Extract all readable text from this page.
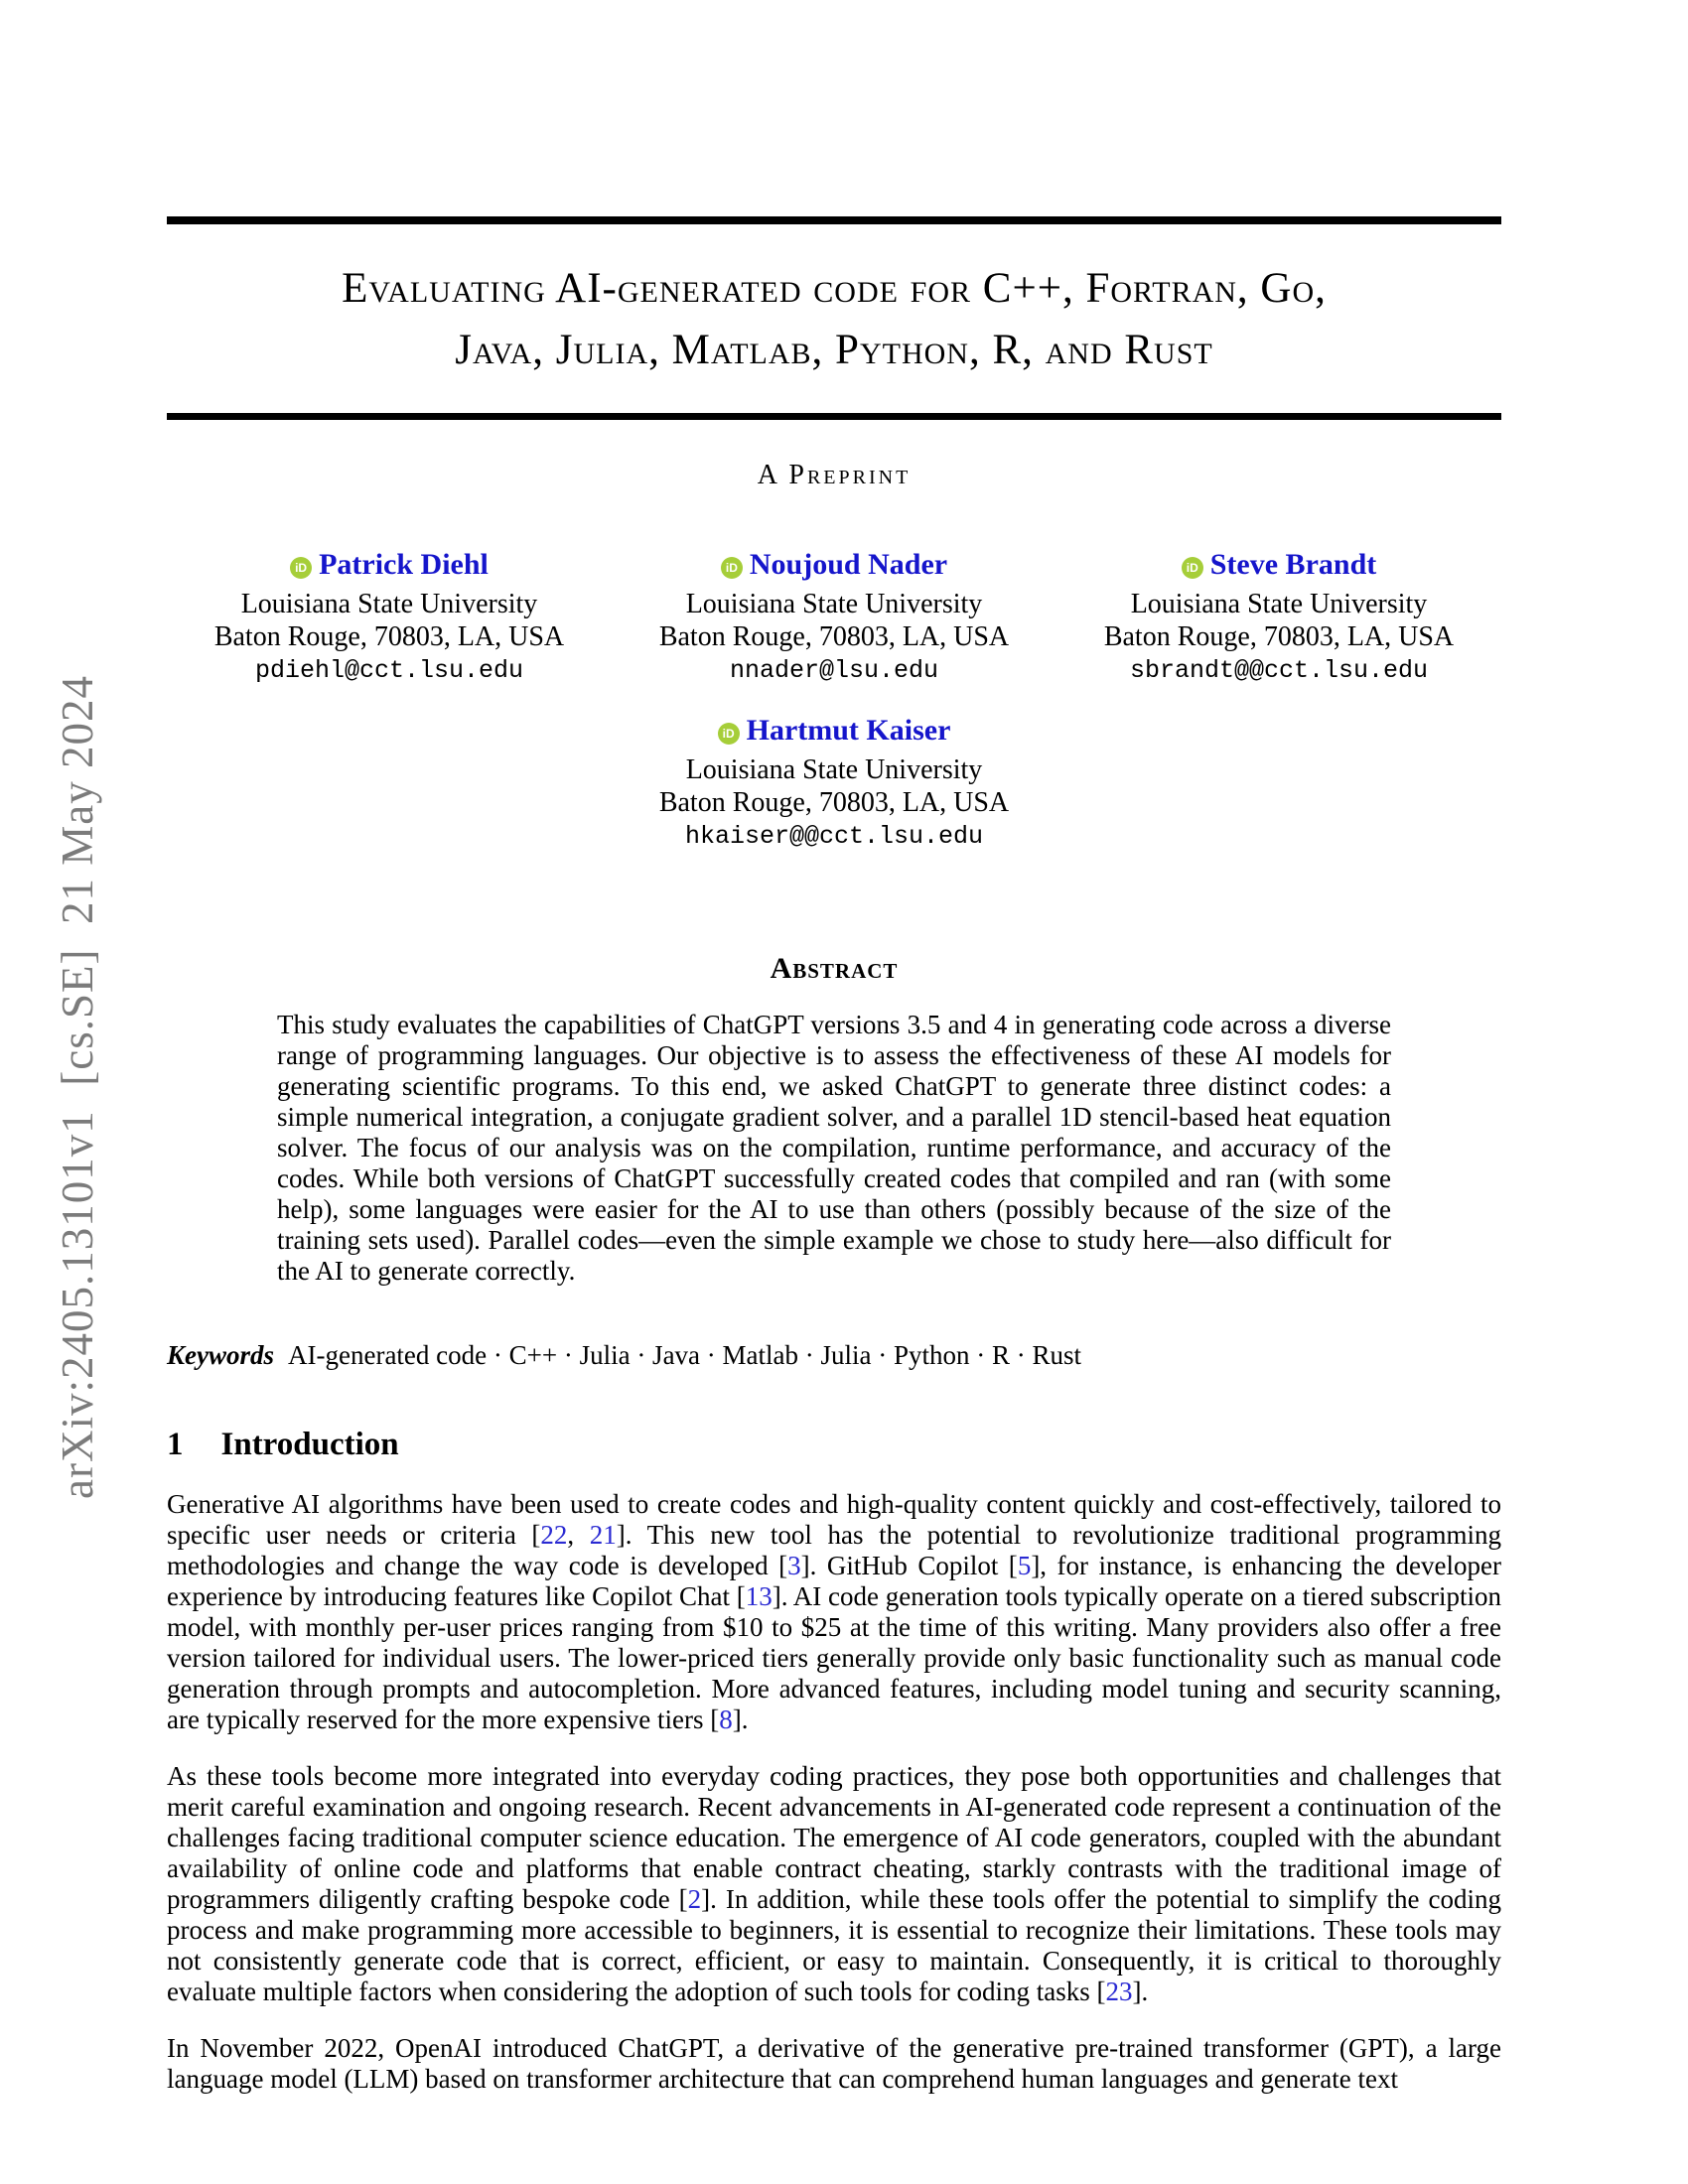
arXiv:2405.13101v1  [cs.SE]  21 May 2024
Evaluating AI-generated code for C++, Fortran, Go,
Java, Julia, Matlab, Python, R, and Rust
A Preprint
iD Patrick Diehl
Louisiana State University
Baton Rouge, 70803, LA, USA
pdiehl@cct.lsu.edu
iD Noujoud Nader
Louisiana State University
Baton Rouge, 70803, LA, USA
nnader@lsu.edu
iD Steve Brandt
Louisiana State University
Baton Rouge, 70803, LA, USA
sbrandt@@cct.lsu.edu
iD Hartmut Kaiser
Louisiana State University
Baton Rouge, 70803, LA, USA
hkaiser@@cct.lsu.edu
Abstract

This study evaluates the capabilities of ChatGPT versions 3.5 and 4 in generating code across a diverse range of programming languages. Our objective is to assess the effectiveness of these AI models for generating scientific programs. To this end, we asked ChatGPT to generate three distinct codes: a simple numerical integration, a conjugate gradient solver, and a parallel 1D stencil-based heat equation solver. The focus of our analysis was on the compilation, runtime performance, and accuracy of the codes. While both versions of ChatGPT successfully created codes that compiled and ran (with some help), some languages were easier for the AI to use than others (possibly because of the size of the training sets used). Parallel codes—even the simple example we chose to study here—also difficult for the AI to generate correctly.

Keywords AI-generated code · C++ · Julia · Java · Matlab · Julia · Python · R · Rust
1 Introduction

Generative AI algorithms have been used to create codes and high-quality content quickly and cost-effectively, tailored to specific user needs or criteria [22, 21]. This new tool has the potential to revolutionize traditional programming methodologies and change the way code is developed [3]. GitHub Copilot [5], for instance, is enhancing the developer experience by introducing features like Copilot Chat [13]. AI code generation tools typically operate on a tiered subscription model, with monthly per-user prices ranging from $10 to $25 at the time of this writing. Many providers also offer a free version tailored for individual users. The lower-priced tiers generally provide only basic functionality such as manual code generation through prompts and autocompletion. More advanced features, including model tuning and security scanning, are typically reserved for the more expensive tiers [8].

As these tools become more integrated into everyday coding practices, they pose both opportunities and challenges that merit careful examination and ongoing research. Recent advancements in AI-generated code represent a continuation of the challenges facing traditional computer science education. The emergence of AI code generators, coupled with the abundant availability of online code and platforms that enable contract cheating, starkly contrasts with the traditional image of programmers diligently crafting bespoke code [2]. In addition, while these tools offer the potential to simplify the coding process and make programming more accessible to beginners, it is essential to recognize their limitations. These tools may not consistently generate code that is correct, efficient, or easy to maintain. Consequently, it is critical to thoroughly evaluate multiple factors when considering the adoption of such tools for coding tasks [23].

In November 2022, OpenAI introduced ChatGPT, a derivative of the generative pre-trained transformer (GPT), a large language model (LLM) based on transformer architecture that can comprehend human languages and generate text
